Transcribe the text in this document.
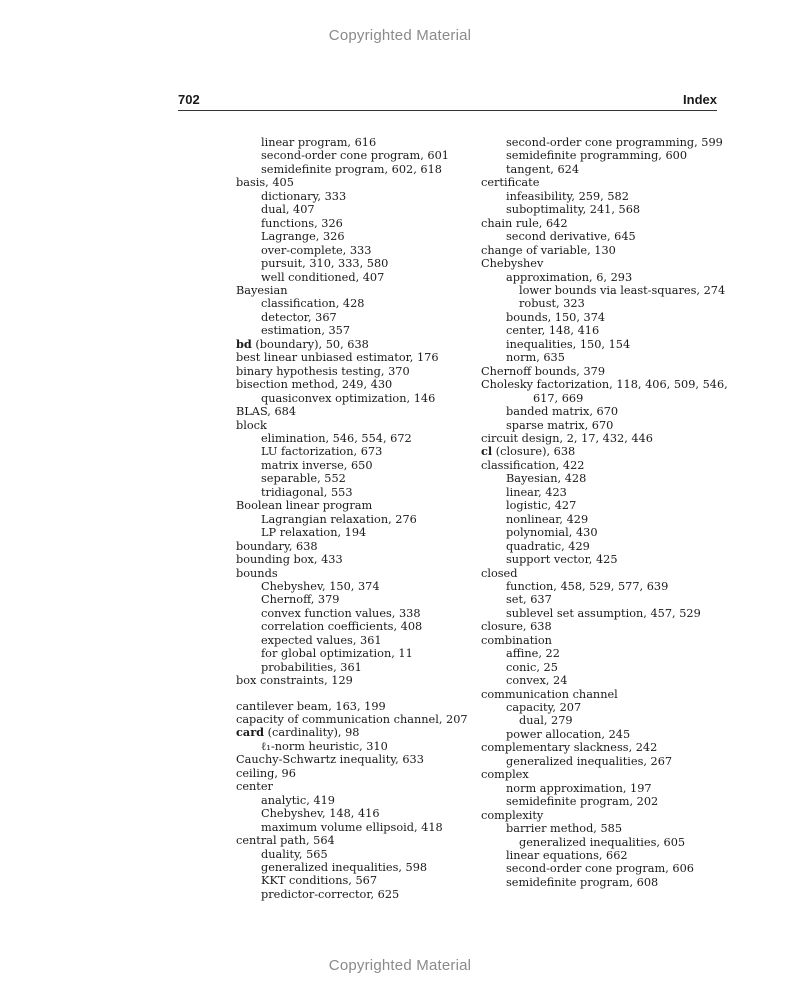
Copyrighted Material
702	Index
linear program, 616
second-order cone program, 601
semidefinite program, 602, 618
basis, 405
dictionary, 333
dual, 407
functions, 326
Lagrange, 326
over-complete, 333
pursuit, 310, 333, 580
well conditioned, 407
Bayesian
classification, 428
detector, 367
estimation, 357
bd (boundary), 50, 638
best linear unbiased estimator, 176
binary hypothesis testing, 370
bisection method, 249, 430
quasiconvex optimization, 146
BLAS, 684
block
elimination, 546, 554, 672
LU factorization, 673
matrix inverse, 650
separable, 552
tridiagonal, 553
Boolean linear program
Lagrangian relaxation, 276
LP relaxation, 194
boundary, 638
bounding box, 433
bounds
Chebyshev, 150, 374
Chernoff, 379
convex function values, 338
correlation coefficients, 408
expected values, 361
for global optimization, 11
probabilities, 361
box constraints, 129
cantilever beam, 163, 199
capacity of communication channel, 207
card (cardinality), 98
ℓ₁-norm heuristic, 310
Cauchy-Schwartz inequality, 633
ceiling, 96
center
analytic, 419
Chebyshev, 148, 416
maximum volume ellipsoid, 418
central path, 564
duality, 565
generalized inequalities, 598
KKT conditions, 567
predictor-corrector, 625
second-order cone programming, 599
semidefinite programming, 600
tangent, 624
certificate
infeasibility, 259, 582
suboptimality, 241, 568
chain rule, 642
second derivative, 645
change of variable, 130
Chebyshev
approximation, 6, 293
lower bounds via least-squares, 274
robust, 323
bounds, 150, 374
center, 148, 416
inequalities, 150, 154
norm, 635
Chernoff bounds, 379
Cholesky factorization, 118, 406, 509, 546,
617, 669
banded matrix, 670
sparse matrix, 670
circuit design, 2, 17, 432, 446
cl (closure), 638
classification, 422
Bayesian, 428
linear, 423
logistic, 427
nonlinear, 429
polynomial, 430
quadratic, 429
support vector, 425
closed
function, 458, 529, 577, 639
set, 637
sublevel set assumption, 457, 529
closure, 638
combination
affine, 22
conic, 25
convex, 24
communication channel
capacity, 207
dual, 279
power allocation, 245
complementary slackness, 242
generalized inequalities, 267
complex
norm approximation, 197
semidefinite program, 202
complexity
barrier method, 585
generalized inequalities, 605
linear equations, 662
second-order cone program, 606
semidefinite program, 608
Copyrighted Material
